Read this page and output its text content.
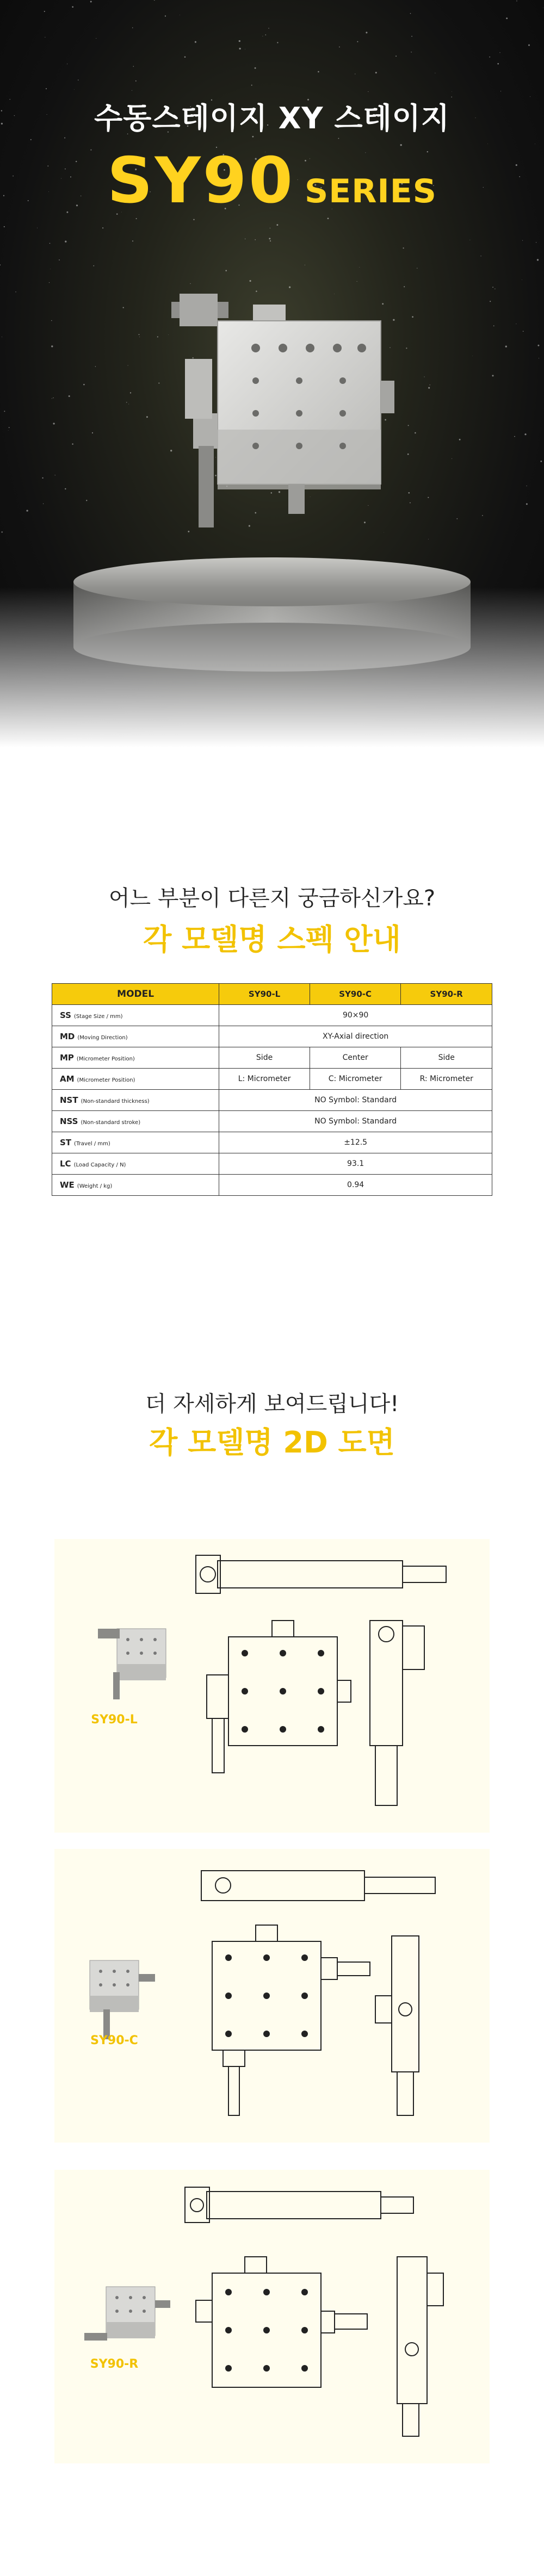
수동스테이지 XY 스테이지
SY90 SERIES
어느 부분이 다른지 궁금하신가요?
각 모델명 스펙 안내
MODEL	SY90-L	SY90-C	SY90-R
SS (Stage Size / mm)	90×90		
MD (Moving Direction)	XY-Axial direction		
MP (Micrometer Position)	Side	Center	Side
AM (Micrometer Position)	L: Micrometer	C: Micrometer	R: Micrometer
NST (Non-standard thickness)	NO Symbol: Standard		
NSS (Non-standard stroke)	NO Symbol: Standard		
ST (Travel / mm)	±12.5		
LC (Load Capacity / N)	93.1		
WE (Weight / kg)	0.94		
더 자세하게 보여드립니다!
각 모델명 2D 도면
SY90-L
SY90-C
SY90-R
